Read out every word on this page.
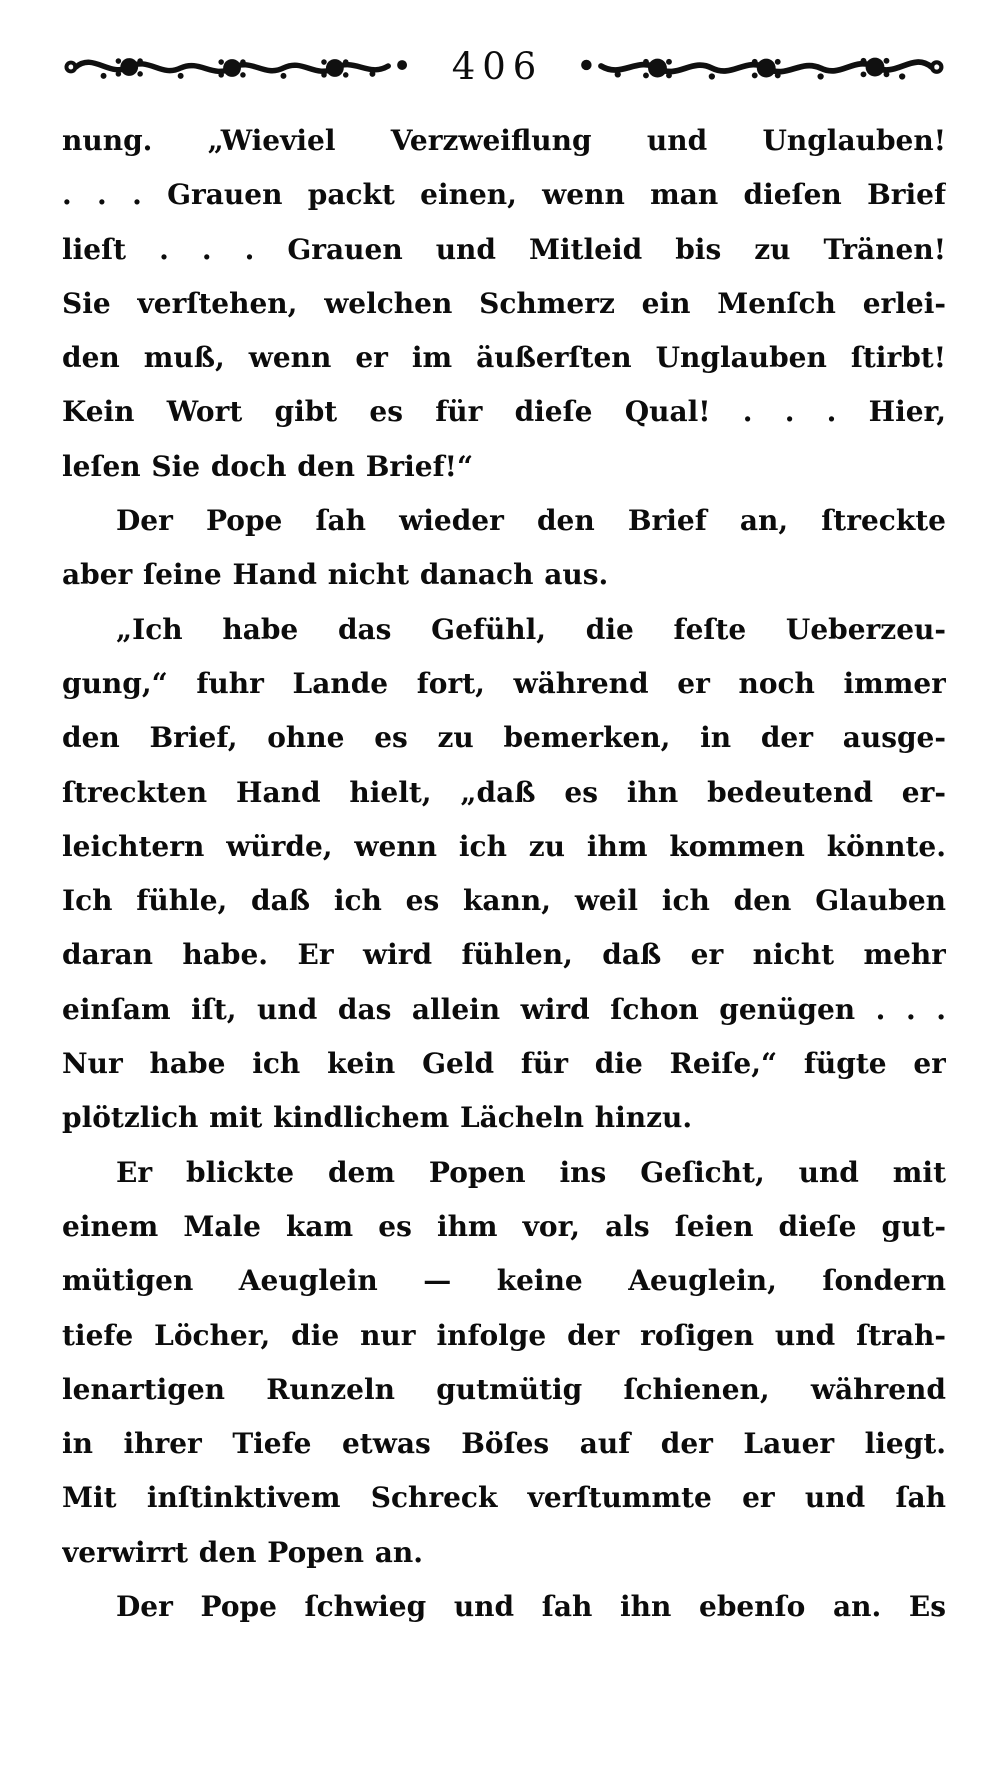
406

nung. „Wieviel Verzweiflung und Unglauben!

. . . Grauen packt einen, wenn man dieſen Brief

lieſt . . . Grauen und Mitleid bis zu Tränen!

Sie verſtehen, welchen Schmerz ein Menſch erlei-

den muß, wenn er im äußerſten Unglauben ſtirbt!

Kein Wort gibt es für dieſe Qual! . . . Hier,

leſen Sie doch den Brief!“

Der Pope ſah wieder den Brief an, ſtreckte

aber ſeine Hand nicht danach aus.

„Ich habe das Gefühl, die feſte Ueberzeu-

gung,“ fuhr Lande fort, während er noch immer

den Brief, ohne es zu bemerken, in der ausge-

ſtreckten Hand hielt, „daß es ihn bedeutend er-

leichtern würde, wenn ich zu ihm kommen könnte.

Ich fühle, daß ich es kann, weil ich den Glauben

daran habe. Er wird fühlen, daß er nicht mehr

einſam iſt, und das allein wird ſchon genügen . . .

Nur habe ich kein Geld für die Reiſe,“ fügte er

plötzlich mit kindlichem Lächeln hinzu.

Er blickte dem Popen ins Geſicht, und mit

einem Male kam es ihm vor, als ſeien dieſe gut-

mütigen Aeuglein — keine Aeuglein, ſondern

tiefe Löcher, die nur infolge der roſigen und ſtrah-

lenartigen Runzeln gutmütig ſchienen, während

in ihrer Tiefe etwas Böſes auf der Lauer liegt.

Mit inſtinktivem Schreck verſtummte er und ſah

verwirrt den Popen an.

Der Pope ſchwieg und ſah ihn ebenſo an. Es
